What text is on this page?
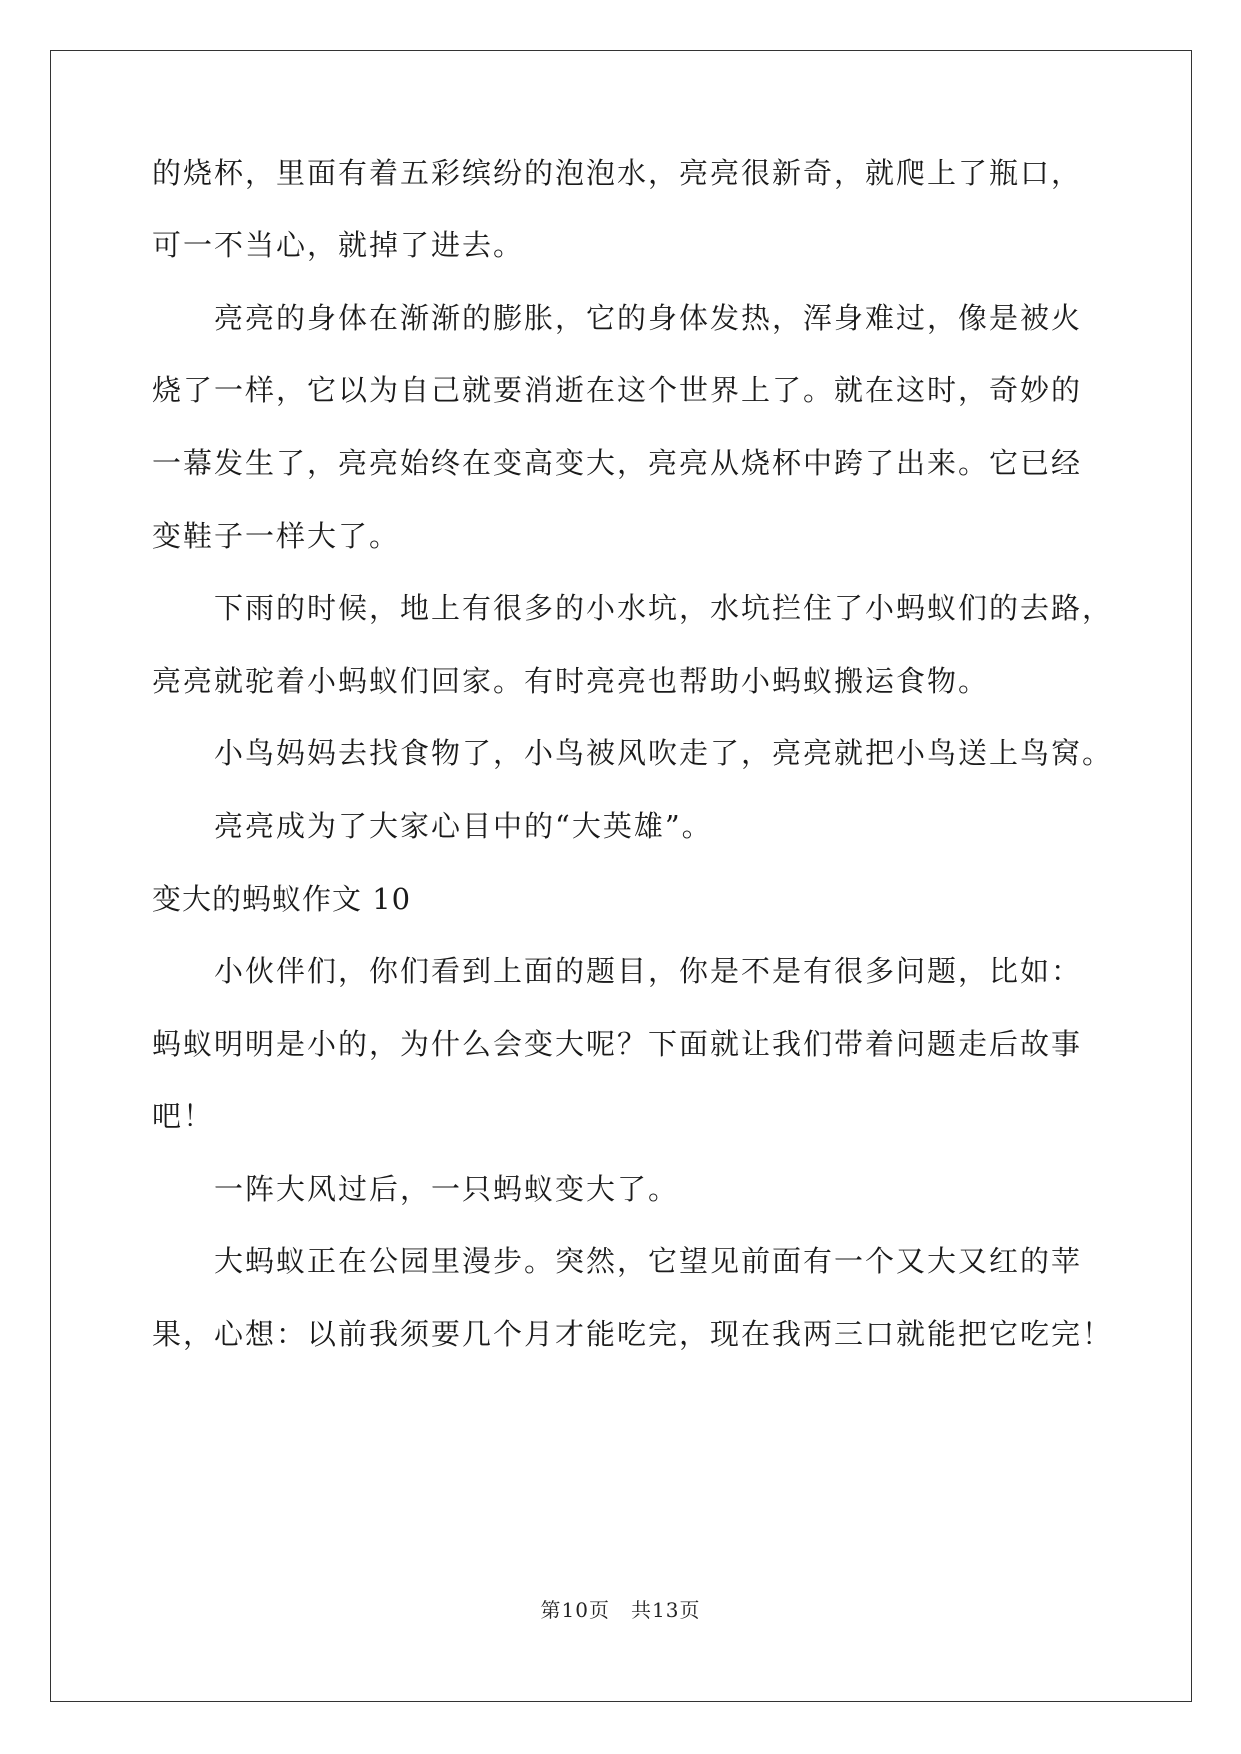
的烧杯，里面有着五彩缤纷的泡泡水，亮亮很新奇，就爬上了瓶口，
可一不当心，就掉了进去。
亮亮的身体在渐渐的膨胀，它的身体发热，浑身难过，像是被火
烧了一样，它以为自己就要消逝在这个世界上了。就在这时，奇妙的
一幕发生了，亮亮始终在变高变大，亮亮从烧杯中跨了出来。它已经
变鞋子一样大了。
下雨的时候，地上有很多的小水坑，水坑拦住了小蚂蚁们的去路，
亮亮就驼着小蚂蚁们回家。有时亮亮也帮助小蚂蚁搬运食物。
小鸟妈妈去找食物了，小鸟被风吹走了，亮亮就把小鸟送上鸟窝。
亮亮成为了大家心目中的“大英雄”。
变大的蚂蚁作文 10
小伙伴们，你们看到上面的题目，你是不是有很多问题，比如：
蚂蚁明明是小的，为什么会变大呢？下面就让我们带着问题走后故事
吧！
一阵大风过后，一只蚂蚁变大了。
大蚂蚁正在公园里漫步。突然，它望见前面有一个又大又红的苹
果，心想：以前我须要几个月才能吃完，现在我两三口就能把它吃完！
第10页　共13页
